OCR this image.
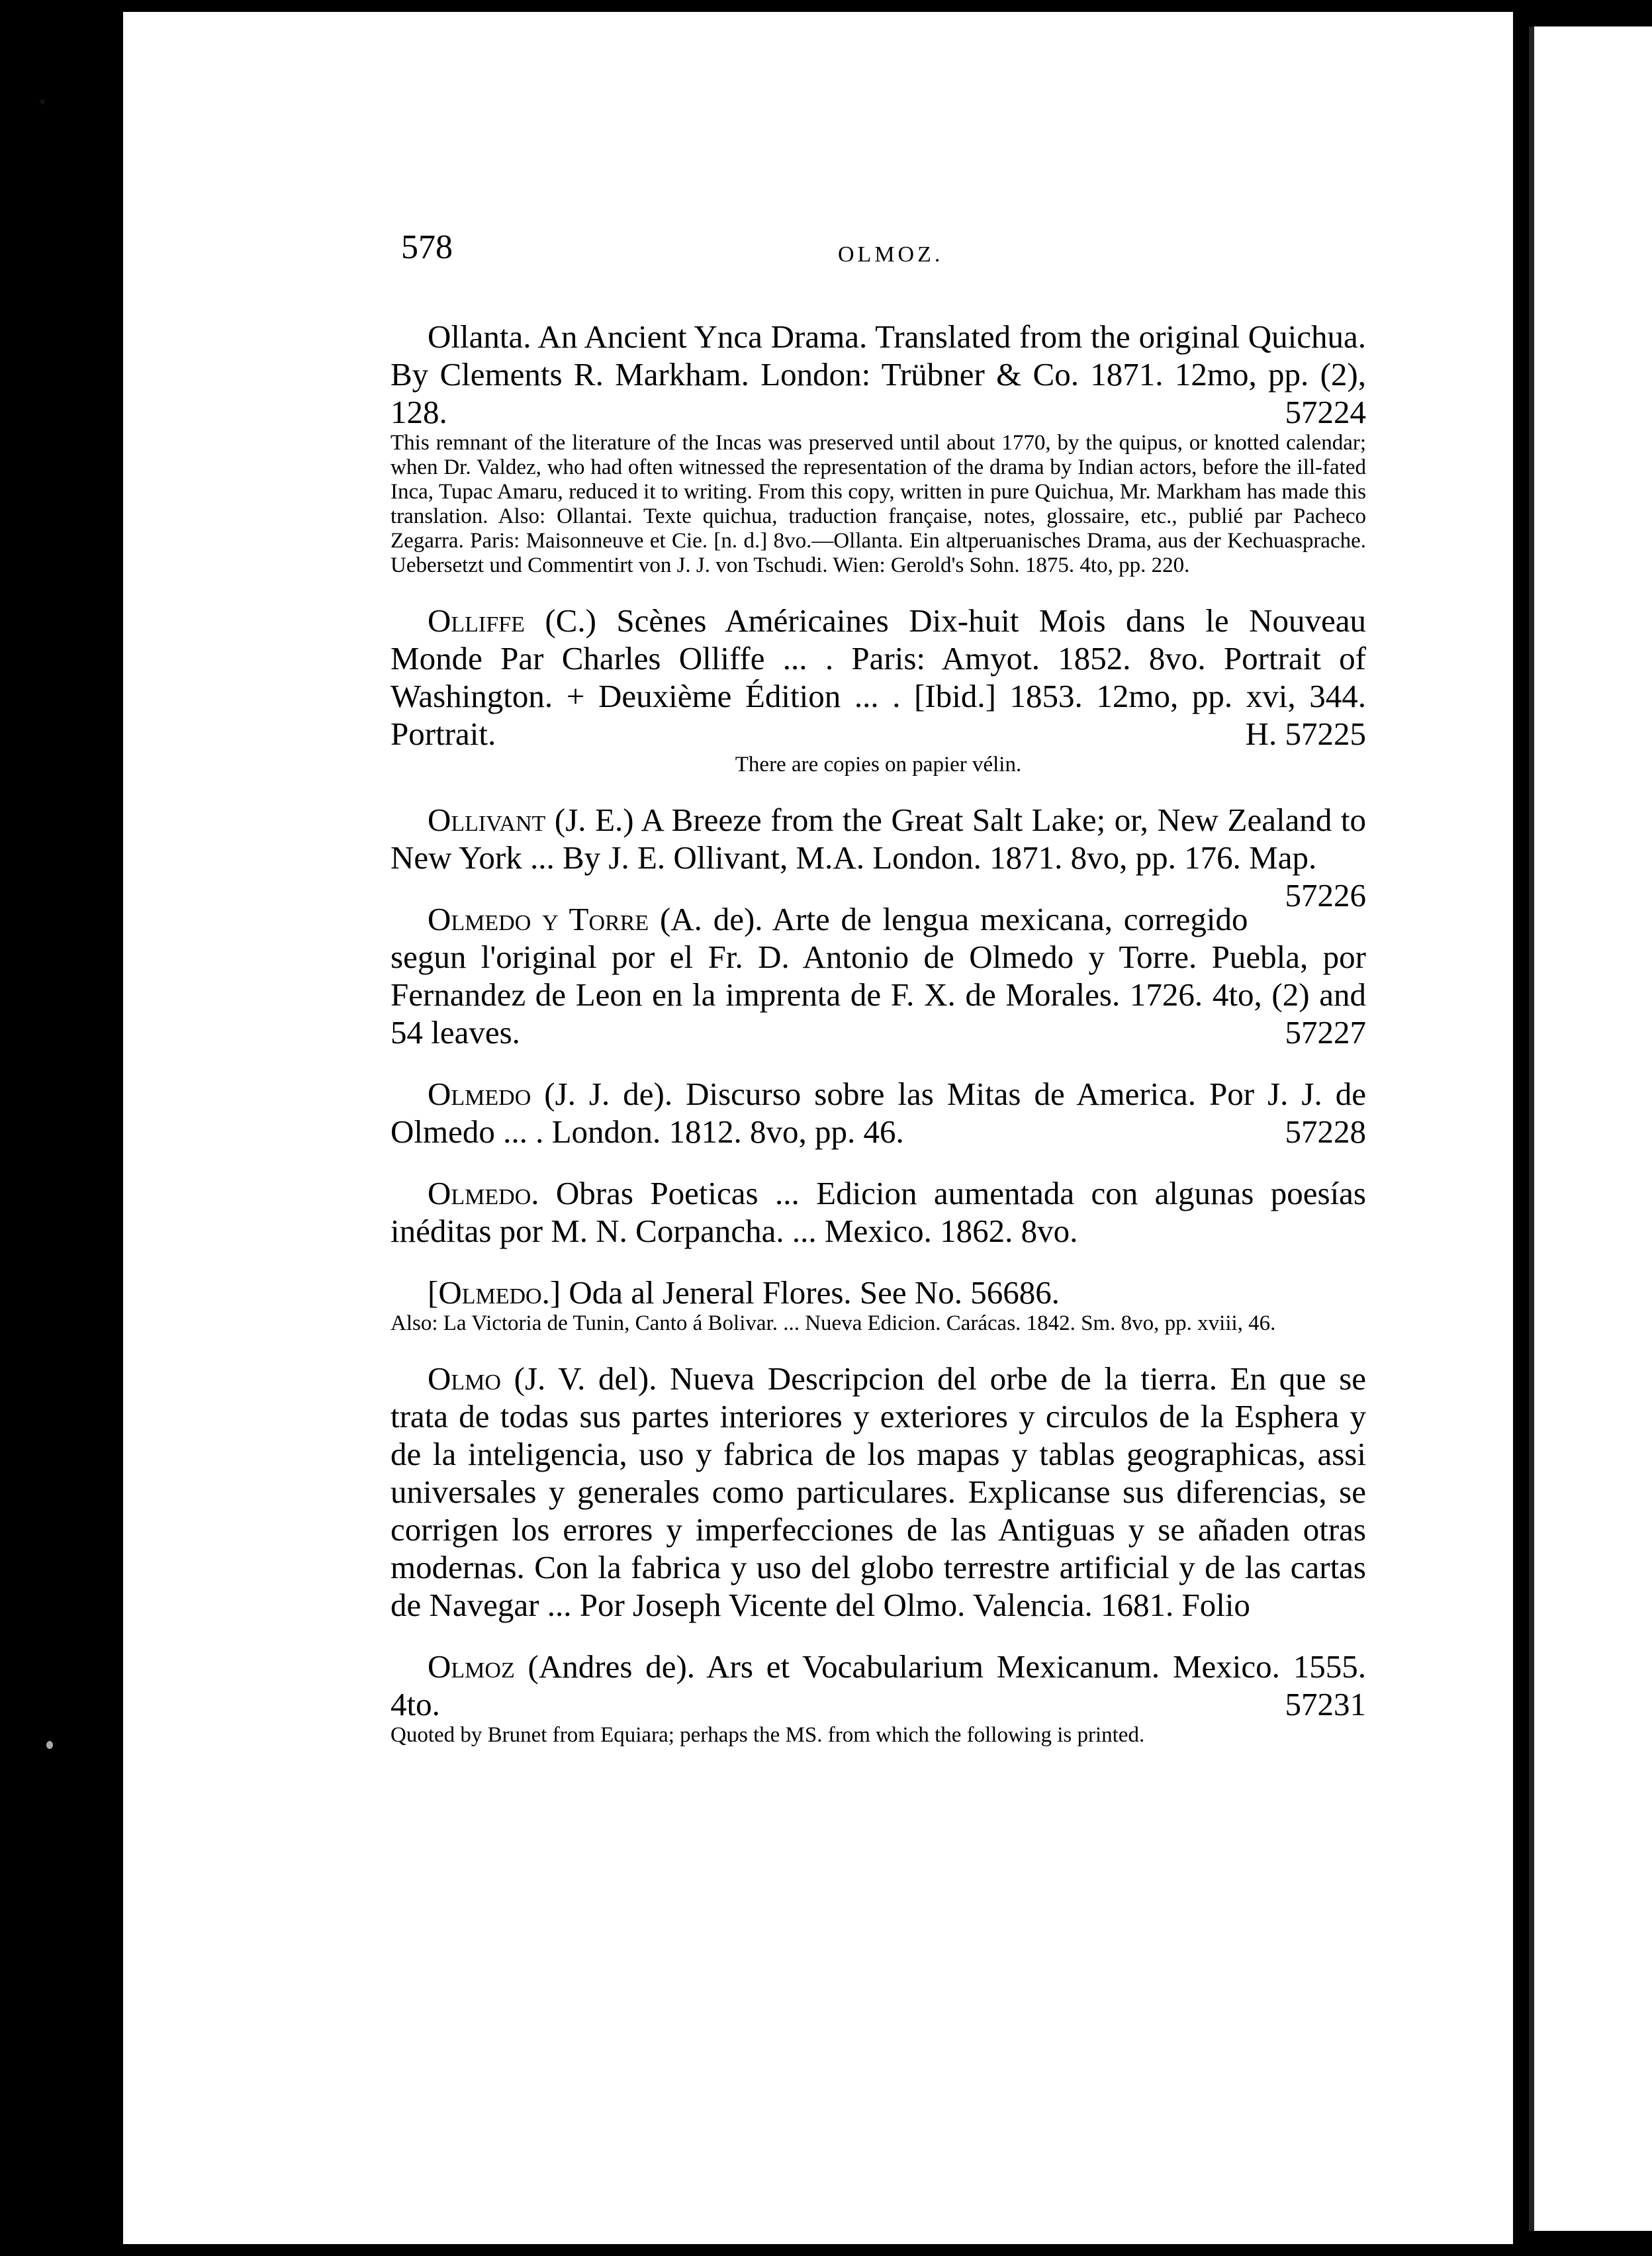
578	OLMOZ.

Ollanta. An Ancient Ynca Drama. Translated from the original Quichua. By Clements R. Markham. London: Trübner & Co. 1871. 12mo, pp. (2), 128.	57224

This remnant of the literature of the Incas was preserved until about 1770, by the quipus, or knotted calendar; when Dr. Valdez, who had often witnessed the representation of the drama by Indian actors, before the ill-fated Inca, Tupac Amaru, reduced it to writing. From this copy, written in pure Quichua, Mr. Markham has made this translation. Also: Ollantai. Texte quichua, traduction française, notes, glossaire, etc., publié par Pacheco Zegarra. Paris: Maisonneuve et Cie. [n. d.] 8vo.—Ollanta. Ein altperuanisches Drama, aus der Kechuasprache. Uebersetzt und Commentirt von J. J. von Tschudi. Wien: Gerold's Sohn. 1875. 4to, pp. 220.

Olliffe (C.) Scènes Américaines Dix-huit Mois dans le Nouveau Monde Par Charles Olliffe ... . Paris: Amyot. 1852. 8vo. Portrait of Washington. + Deuxième Édition ... . [Ibid.] 1853. 12mo, pp. xvi, 344. Portrait.	H. 57225

There are copies on papier vélin.

Ollivant (J. E.) A Breeze from the Great Salt Lake; or, New Zealand to New York ... By J. E. Ollivant, M.A. London. 1871. 8vo, pp. 176. Map.
57226

Olmedo y Torre (A. de). Arte de lengua mexicana, corregido segun l'original por el Fr. D. Antonio de Olmedo y Torre. Puebla, por Fernandez de Leon en la imprenta de F. X. de Morales. 1726. 4to, (2) and 54 leaves.	57227

Olmedo (J. J. de). Discurso sobre las Mitas de America. Por J. J. de Olmedo ... . London. 1812. 8vo, pp. 46.	57228

Olmedo. Obras Poeticas ... Edicion aumentada con algunas poesías inéditas por M. N. Corpancha. ... Mexico. 1862. 8vo.

[Olmedo.] Oda al Jeneral Flores. See No. 56686.

Also: La Victoria de Tunin, Canto á Bolivar. ... Nueva Edicion. Carácas. 1842. Sm. 8vo, pp. xviii, 46.

Olmo (J. V. del). Nueva Descripcion del orbe de la tierra. En que se trata de todas sus partes interiores y exteriores y circulos de la Esphera y de la inteligencia, uso y fabrica de los mapas y tablas geographicas, assi universales y generales como particulares. Explicanse sus diferencias, se corrigen los errores y imperfecciones de las Antiguas y se añaden otras modernas. Con la fabrica y uso del globo terrestre artificial y de las cartas de Navegar ... Por Joseph Vicente del Olmo. Valencia. 1681. Folio

Olmoz (Andres de). Ars et Vocabularium Mexicanum. Mexico. 1555. 4to.	57231

Quoted by Brunet from Equiara; perhaps the MS. from which the following is printed.
